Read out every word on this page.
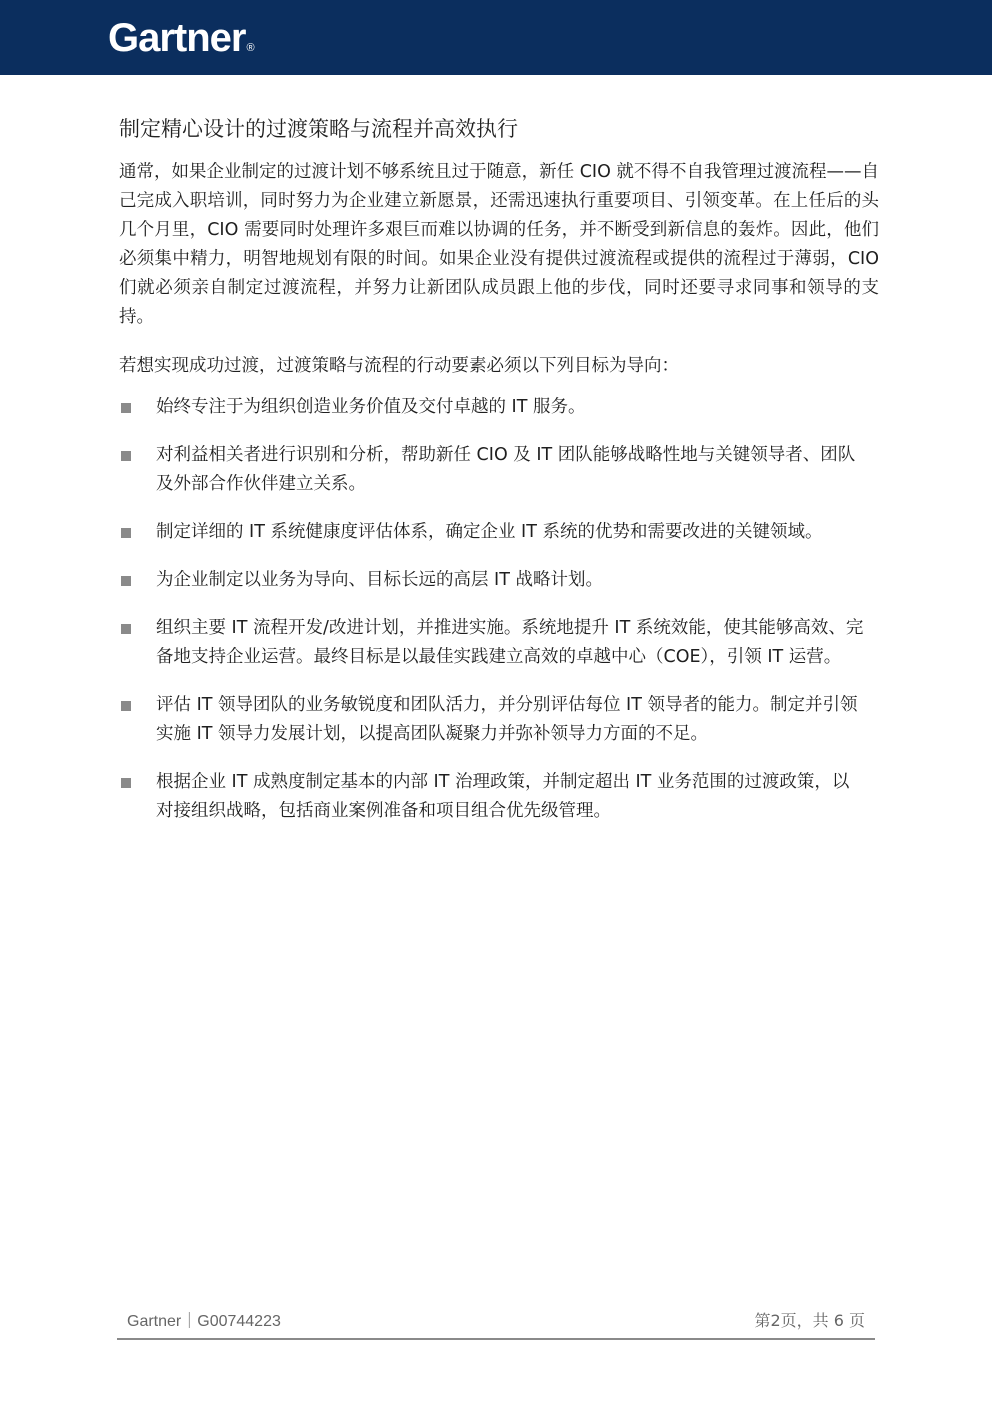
Gartner®
制定精心设计的过渡策略与流程并高效执行

通常，如果企业制定的过渡计划不够系统且过于随意，新任 CIO 就不得不自我管理过渡流程——自己完成入职培训，同时努力为企业建立新愿景，还需迅速执行重要项目、引领变革。在上任后的头几个月里，CIO 需要同时处理许多艰巨而难以协调的任务，并不断受到新信息的轰炸。因此，他们必须集中精力，明智地规划有限的时间。如果企业没有提供过渡流程或提供的流程过于薄弱，CIO 们就必须亲自制定过渡流程，并努力让新团队成员跟上他的步伐，同时还要寻求同事和领导的支持。

若想实现成功过渡，过渡策略与流程的行动要素必须以下列目标为导向：

始终专注于为组织创造业务价值及交付卓越的 IT 服务。
对利益相关者进行识别和分析，帮助新任 CIO 及 IT 团队能够战略性地与关键领导者、团队及外部合作伙伴建立关系。
制定详细的 IT 系统健康度评估体系，确定企业 IT 系统的优势和需要改进的关键领域。
为企业制定以业务为导向、目标长远的高层 IT 战略计划。
组织主要 IT 流程开发/改进计划，并推进实施。系统地提升 IT 系统效能，使其能够高效、完备地支持企业运营。最终目标是以最佳实践建立高效的卓越中心（COE），引领 IT 运营。
评估 IT 领导团队的业务敏锐度和团队活力，并分别评估每位 IT 领导者的能力。制定并引领实施 IT 领导力发展计划，以提高团队凝聚力并弥补领导力方面的不足。
根据企业 IT 成熟度制定基本的内部 IT 治理政策，并制定超出 IT 业务范围的过渡政策，以对接组织战略，包括商业案例准备和项目组合优先级管理。
Gartner｜G00744223	第2页，共 6 页
